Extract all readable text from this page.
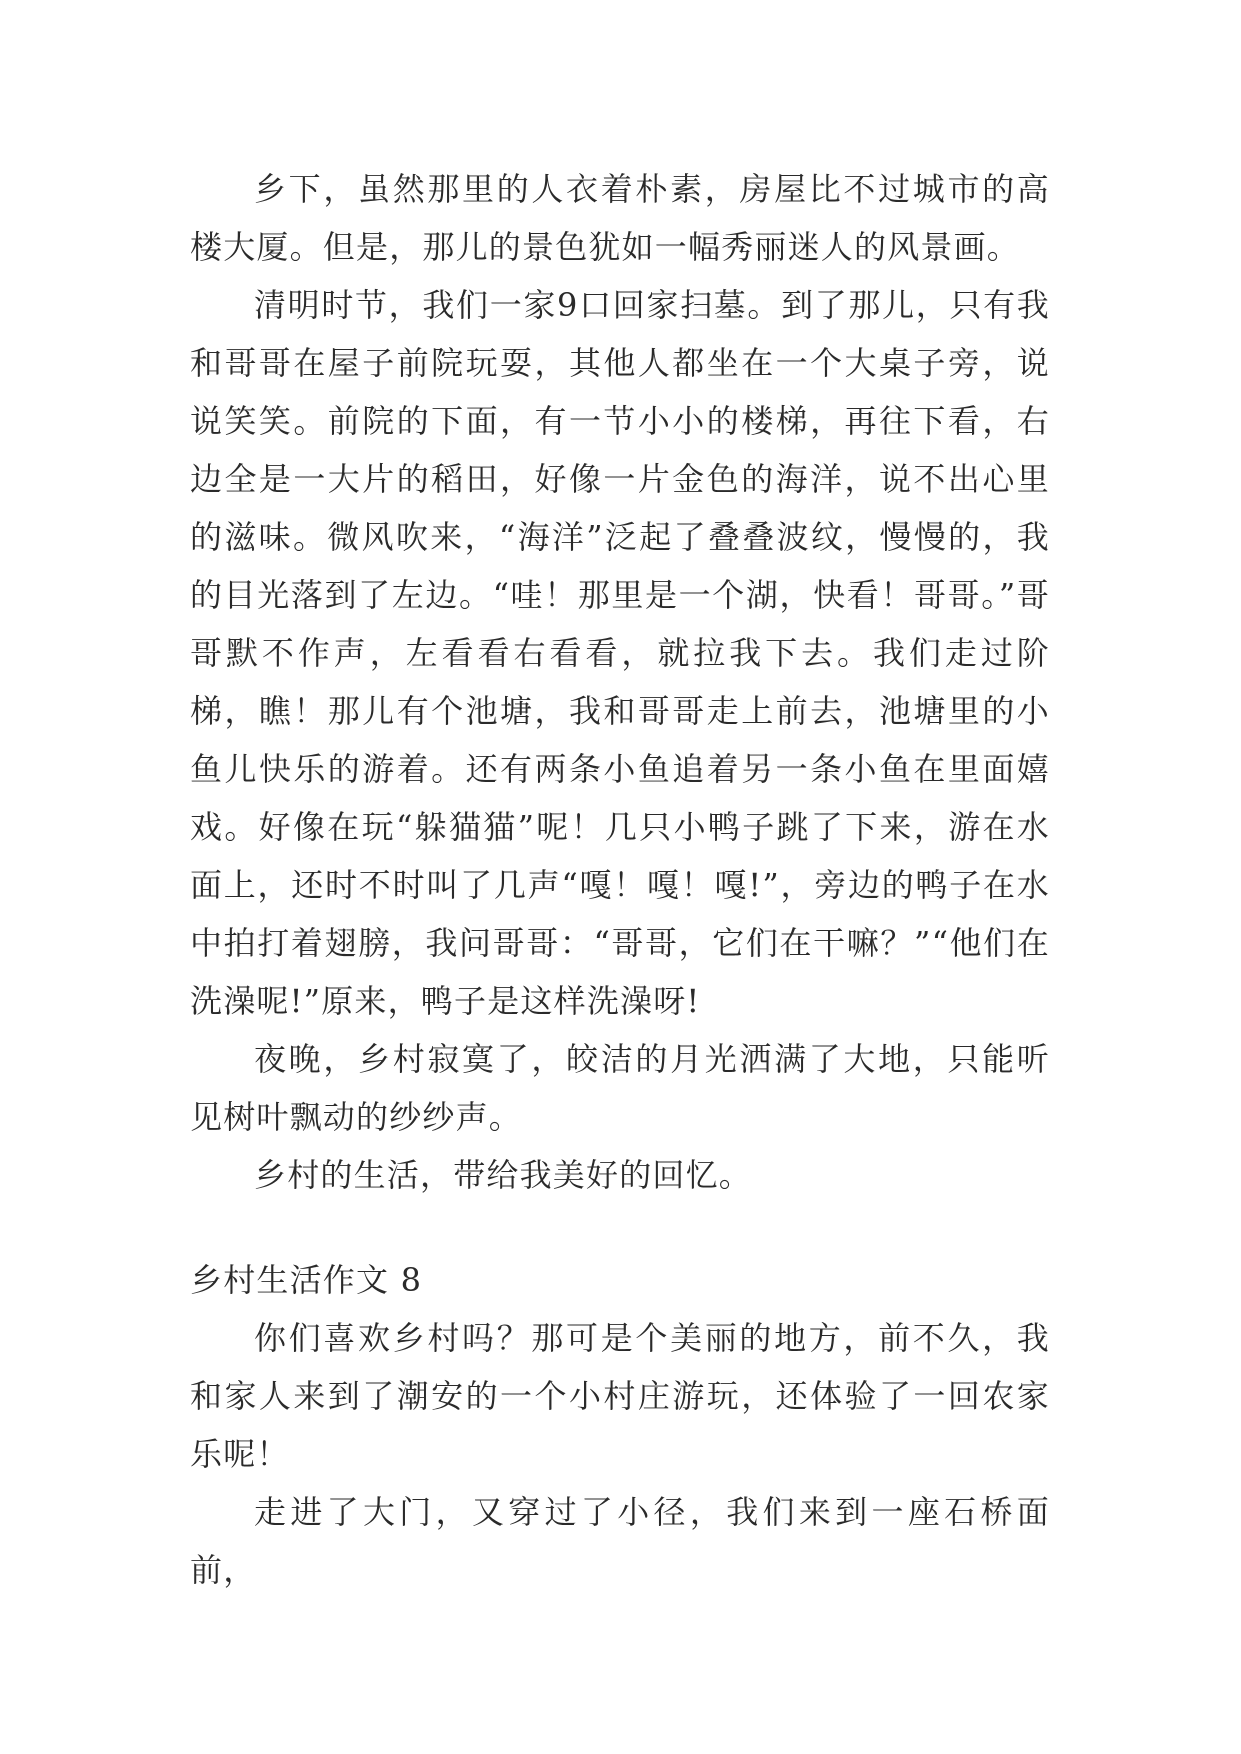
乡下，虽然那里的人衣着朴素，房屋比不过城市的高楼大厦。但是，那儿的景色犹如一幅秀丽迷人的风景画。

清明时节，我们一家9口回家扫墓。到了那儿，只有我和哥哥在屋子前院玩耍，其他人都坐在一个大桌子旁，说说笑笑。前院的下面，有一节小小的楼梯，再往下看，右边全是一大片的稻田，好像一片金色的海洋，说不出心里的滋味。微风吹来，“海洋”泛起了叠叠波纹，慢慢的，我的目光落到了左边。“哇！那里是一个湖，快看！哥哥。”哥哥默不作声，左看看右看看，就拉我下去。我们走过阶梯，瞧！那儿有个池塘，我和哥哥走上前去，池塘里的小鱼儿快乐的游着。还有两条小鱼追着另一条小鱼在里面嬉戏。好像在玩“躲猫猫”呢！几只小鸭子跳了下来，游在水面上，还时不时叫了几声“嘎！嘎！嘎!”，旁边的鸭子在水中拍打着翅膀，我问哥哥：“哥哥，它们在干嘛？”“他们在洗澡呢!”原来，鸭子是这样洗澡呀!

夜晚，乡村寂寞了，皎洁的月光洒满了大地，只能听见树叶飘动的纱纱声。

乡村的生活，带给我美好的回忆。

乡村生活作文 8

你们喜欢乡村吗？那可是个美丽的地方，前不久，我和家人来到了潮安的一个小村庄游玩，还体验了一回农家乐呢！

走进了大门，又穿过了小径，我们来到一座石桥面前，
